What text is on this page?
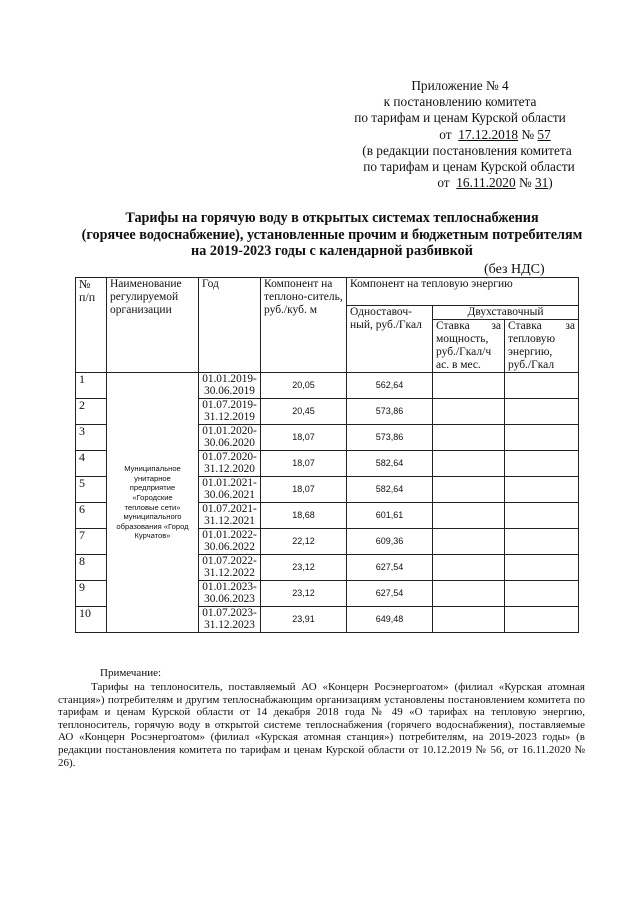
Приложение № 4
к постановлению комитета
по тарифам и ценам Курской области
от 17.12.2018 № 57
(в редакции постановления комитета
по тарифам и ценам Курской области
от 16.11.2020 № 31)
Тарифы на горячую воду в открытых системах теплоснабжения
(горячее водоснабжение), установленные прочим и бюджетным потребителям
на 2019-2023 годы с календарной разбивкой
(без НДС)
№ п/п	Наименование регулируемой организации	Год	Компонент на теплоно-ситель, руб./куб. м	Компонент на тепловую энергию		
				Одноставоч-ный, руб./Гкал	Двухставочный	
					Ставка за мощность, руб./Гкал/ч ас. в мес.	Ставка за тепловую энергию, руб./Гкал
1	Муниципальное унитарное предприятие «Городские тепловые сети» муниципального образования «Город Курчатов»	01.01.2019-30.06.2019	20,05	562,64		
2		01.07.2019-31.12.2019	20,45	573,86		
3		01.01.2020-30.06.2020	18,07	573,86		
4		01.07.2020-31.12.2020	18,07	582,64		
5		01.01.2021-30.06.2021	18,07	582,64		
6		01.07.2021-31.12.2021	18,68	601,61		
7		01.01.2022-30.06.2022	22,12	609,36		
8		01.07.2022-31.12.2022	23,12	627,54		
9		01.01.2023-30.06.2023	23,12	627,54		
10		01.07.2023-31.12.2023	23,91	649,48		
Примечание:
Тарифы на теплоноситель, поставляемый АО «Концерн Росэнергоатом» (филиал «Курская атомная станция») потребителям и другим теплоснабжающим организациям установлены постановлением комитета по тарифам и ценам Курской области от 14 декабря 2018 года № 49 «О тарифах на тепловую энергию, теплоноситель, горячую воду в открытой системе теплоснабжения (горячего водоснабжения), поставляемые АО «Концерн Росэнергоатом» (филиал «Курская атомная станция») потребителям, на 2019-2023 годы» (в редакции постановления комитета по тарифам и ценам Курской области от 10.12.2019 № 56, от 16.11.2020 № 26).
